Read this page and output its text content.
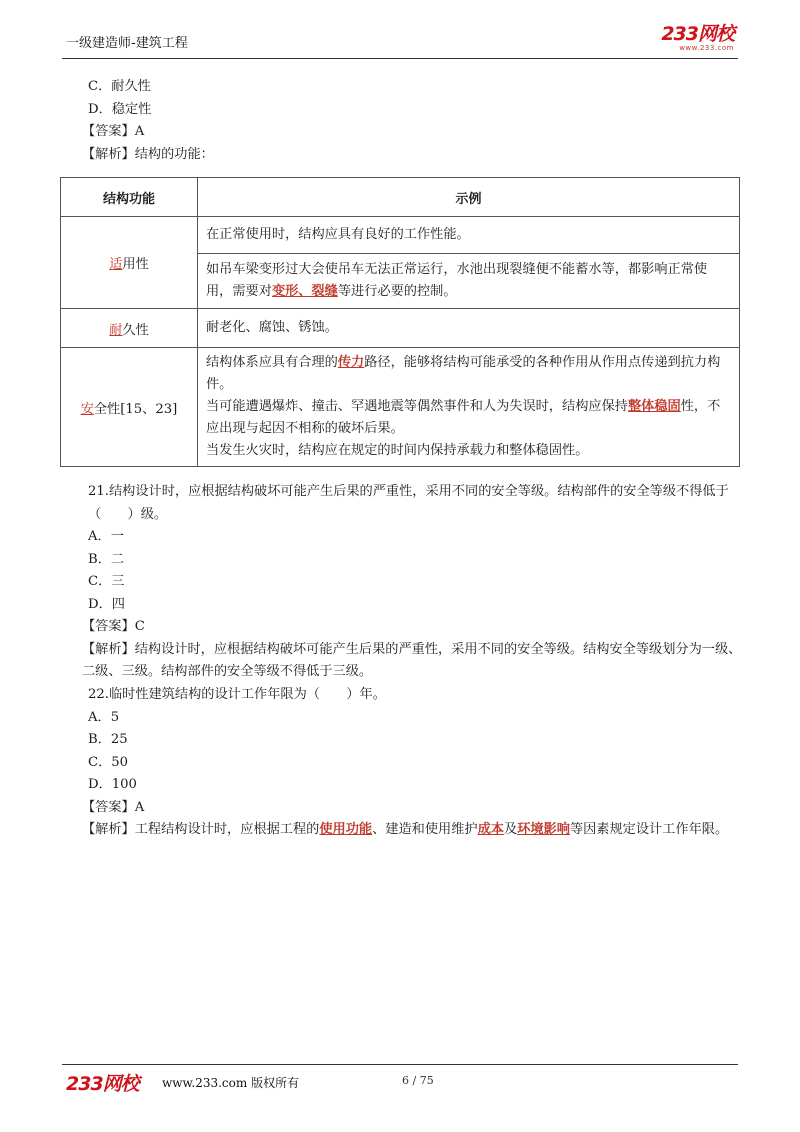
一级建造师-建筑工程	233网校
www.233.com
C．耐久性
D．稳定性
【答案】A
【解析】结构的功能：
结构功能	示例
适用性	在正常使用时，结构应具有良好的工作性能。
	如吊车梁变形过大会使吊车无法正常运行，水池出现裂缝便不能蓄水等，都影响正常使用，需要对变形、裂缝等进行必要的控制。
耐久性	耐老化、腐蚀、锈蚀。
安全性[15、23]	结构体系应具有合理的传力路径，能够将结构可能承受的各种作用从作用点传递到抗力构件。
当可能遭遇爆炸、撞击、罕遇地震等偶然事件和人为失误时，结构应保持整体稳固性，不应出现与起因不相称的破坏后果。
当发生火灾时，结构应在规定的时间内保持承载力和整体稳固性。
21.结构设计时，应根据结构破坏可能产生后果的严重性，采用不同的安全等级。结构部件的安全等级不得低于（　　）级。
A．一
B．二
C．三
D．四
【答案】C
【解析】结构设计时，应根据结构破坏可能产生后果的严重性，采用不同的安全等级。结构安全等级划分为一级、二级、三级。结构部件的安全等级不得低于三级。
22.临时性建筑结构的设计工作年限为（　　）年。
A．5
B．25
C．50
D．100
【答案】A
【解析】工程结构设计时，应根据工程的使用功能、建造和使用维护成本及环境影响等因素规定设计工作年限。
233网校 www.233.com 版权所有	6 / 75
